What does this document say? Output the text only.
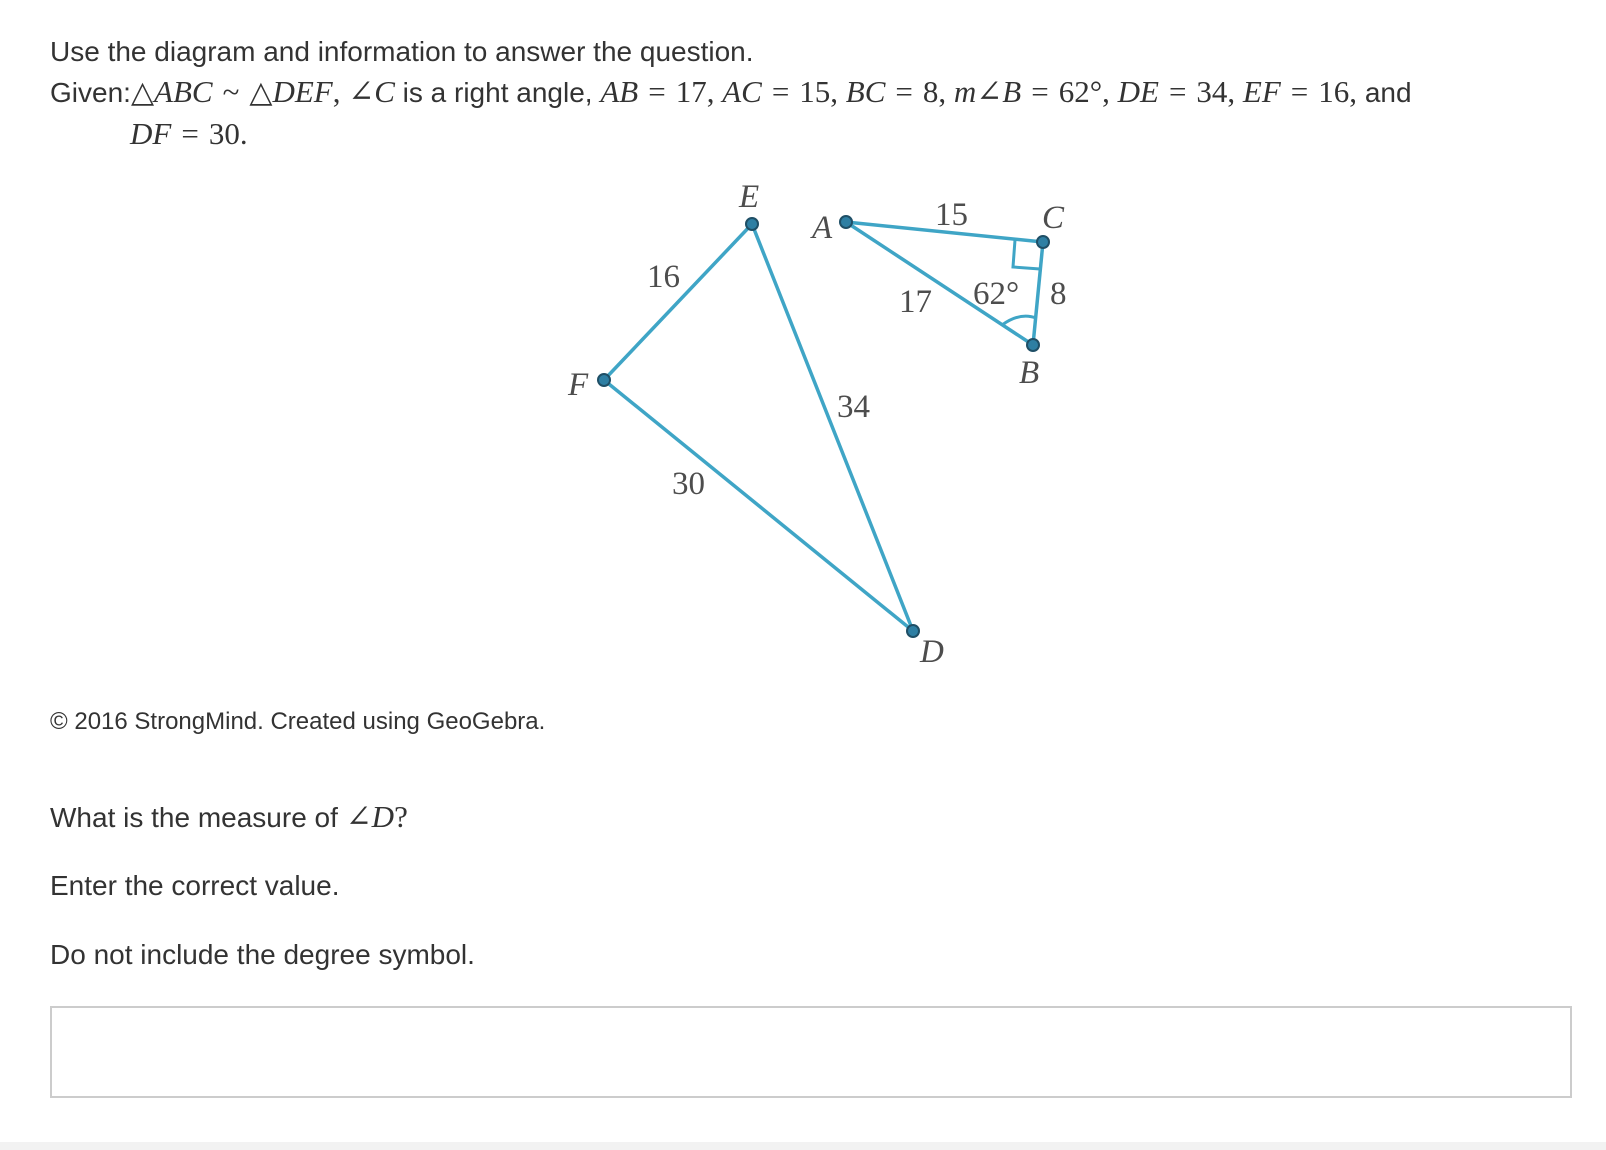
Use the diagram and information to answer the question.
Given:△ABC ~ △DEF, ∠C is a right angle, AB = 17, AC = 15, BC = 8, m∠B = 62°, DE = 34, EF = 16, and
DF = 30.
E
F
D
A	C
B
15
17	8
62°
16
34
30
© 2016 StrongMind. Created using GeoGebra.
What is the measure of ∠D?
Enter the correct value.
Do not include the degree symbol.
